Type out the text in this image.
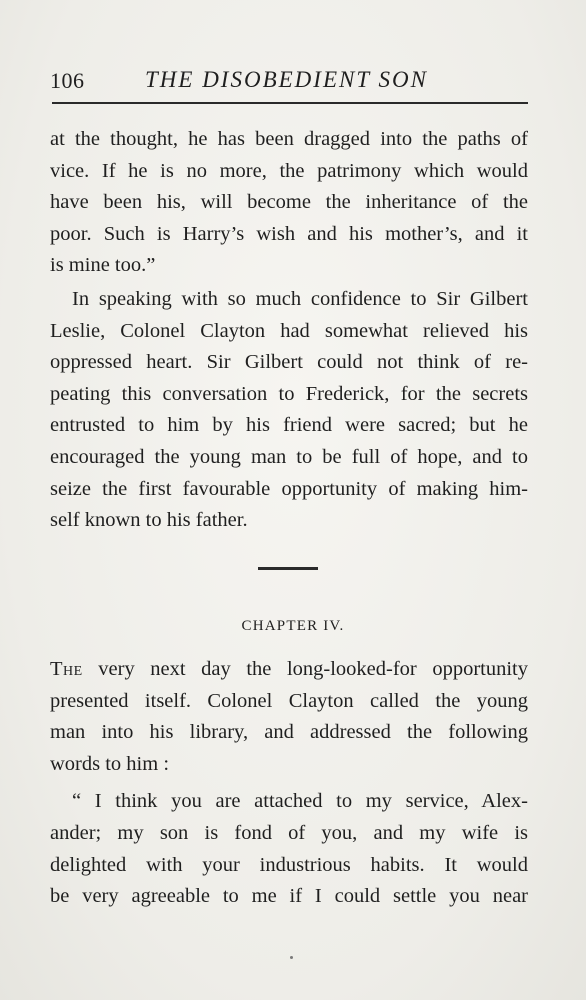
106	THE DISOBEDIENT SON
at the thought, he has been dragged into the paths of
vice. If he is no more, the patrimony which would
have been his, will become the inheritance of the
poor. Such is Harry’s wish and his mother’s, and it
is mine too.”
In speaking with so much confidence to Sir Gilbert
Leslie, Colonel Clayton had somewhat relieved his
oppressed heart. Sir Gilbert could not think of re-
peating this conversation to Frederick, for the secrets
entrusted to him by his friend were sacred; but he
encouraged the young man to be full of hope, and to
seize the first favourable opportunity of making him-
self known to his father.
CHAPTER IV.
The very next day the long-looked-for opportunity
presented itself. Colonel Clayton called the young
man into his library, and addressed the following
words to him :
“ I think you are attached to my service, Alex-
ander; my son is fond of you, and my wife is
delighted with your industrious habits. It would
be very agreeable to me if I could settle you near
